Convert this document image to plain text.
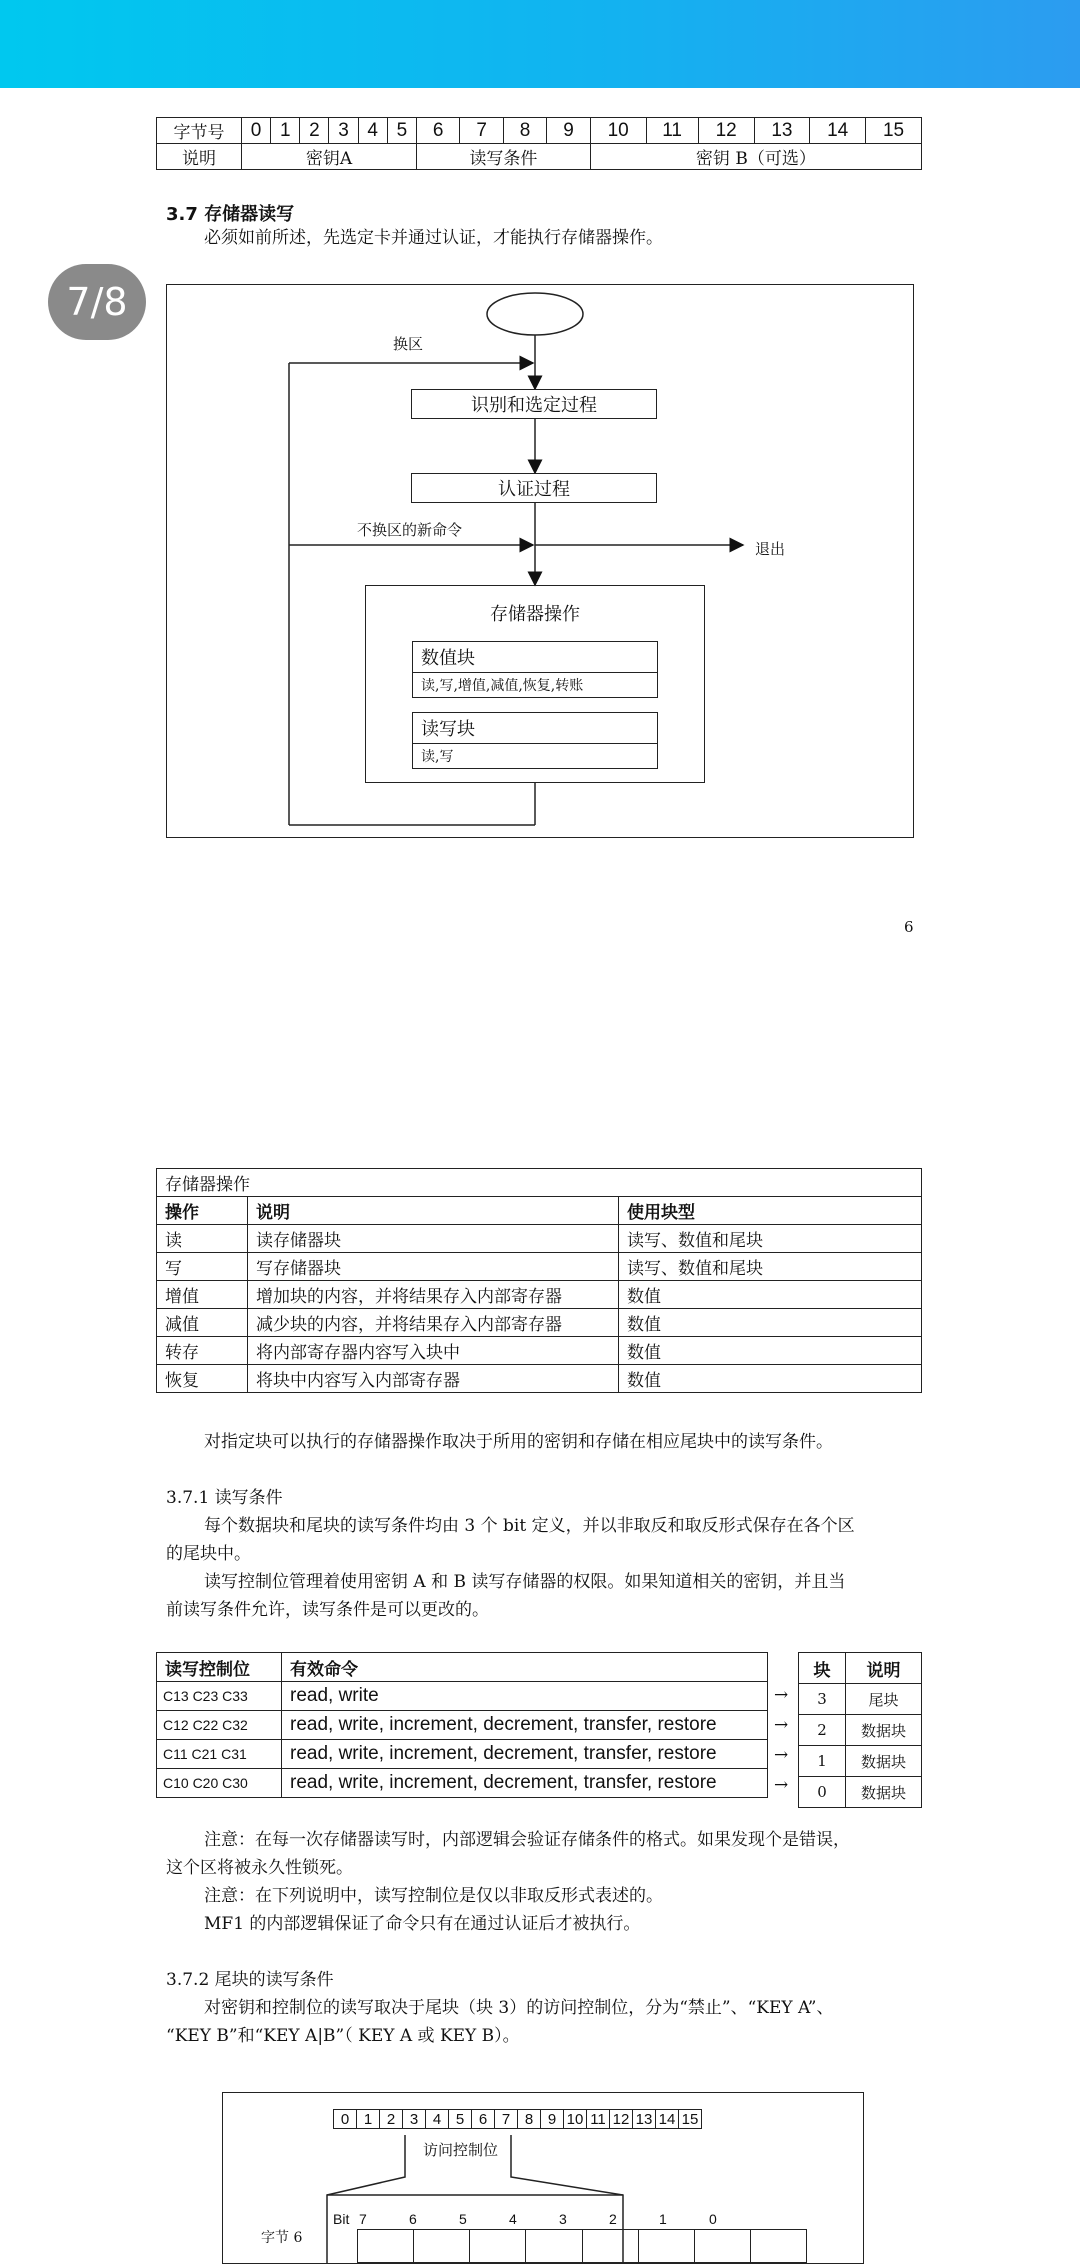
7/8
字节号	0	1	2	3	4	5	6	7	8	9	10	11	12	13	14	15
说明	密钥A						读写条件				密钥 B（可选）					
3.7 存储器读写
必须如前所述，先选定卡并通过认证，才能执行存储器操作。
换区
识别和选定过程
认证过程
不换区的新命令
退出
存储器操作
数值块
读,写,增值,减值,恢复,转账
读写块
读,写
6
存储器操作		
操作	说明	使用块型
读	读存储器块	读写、数值和尾块
写	写存储器块	读写、数值和尾块
增值	增加块的内容，并将结果存入内部寄存器	数值
减值	减少块的内容，并将结果存入内部寄存器	数值
转存	将内部寄存器内容写入块中	数值
恢复	将块中内容写入内部寄存器	数值
对指定块可以执行的存储器操作取决于所用的密钥和存储在相应尾块中的读写条件。
3.7.1 读写条件
每个数据块和尾块的读写条件均由 3 个 bit 定义，并以非取反和取反形式保存在各个区
的尾块中。
读写控制位管理着使用密钥 A 和 B 读写存储器的权限。如果知道相关的密钥，并且当
前读写条件允许，读写条件是可以更改的。
读写控制位	有效命令
C13 C23 C33	read, write
C12 C22 C32	read, write, increment, decrement, transfer, restore
C11 C21 C31	read, write, increment, decrement, transfer, restore
C10 C20 C30	read, write, increment, decrement, transfer, restore
→
→
→
→
块	说明
3	尾块
2	数据块
1	数据块
0	数据块
注意：在每一次存储器读写时，内部逻辑会验证存储条件的格式。如果发现个是错误，
这个区将被永久性锁死。
注意：在下列说明中，读写控制位是仅以非取反形式表述的。
MF1 的内部逻辑保证了命令只有在通过认证后才被执行。
3.7.2 尾块的读写条件
对密钥和控制位的读写取决于尾块（块 3）的访问控制位，分为“禁止”、“KEY A”、
“KEY B”和“KEY A|B”（ KEY A 或 KEY B）。
0	1	2	3	4	5	6	7	8	9	10	11	12	13	14	15
访问控制位
字节 6
Bit 7	6	5	4	3	2	1	0
